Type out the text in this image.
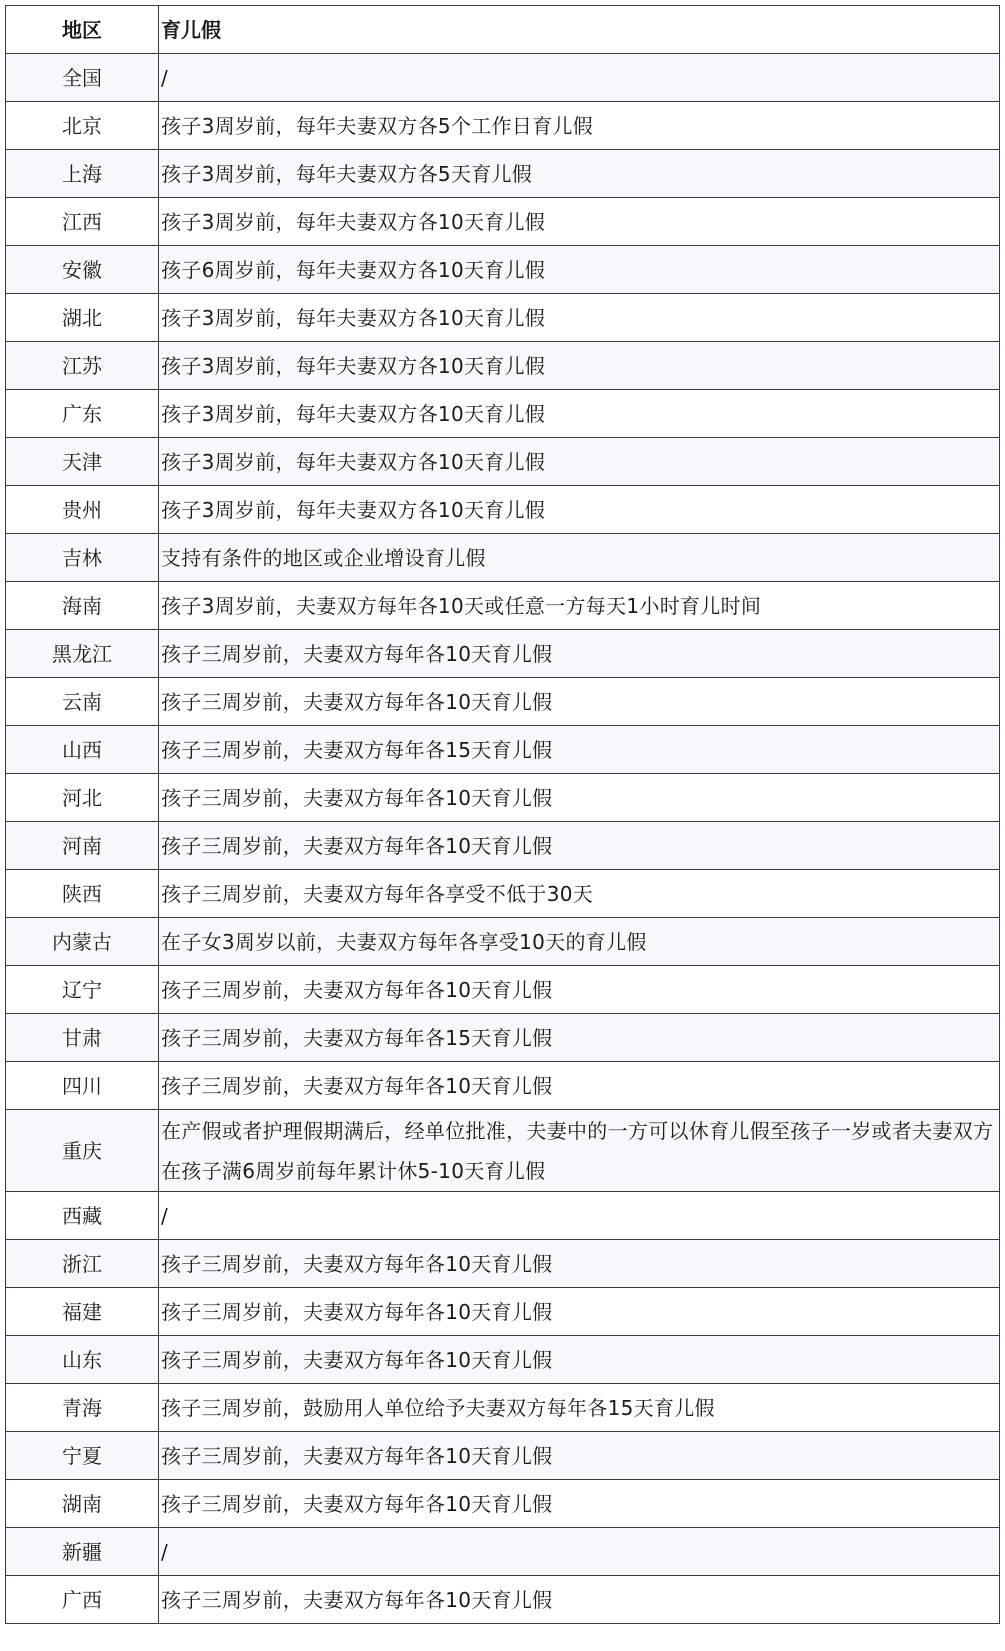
地区	育儿假
全国	/
北京	孩子3周岁前，每年夫妻双方各5个工作日育儿假
上海	孩子3周岁前，每年夫妻双方各5天育儿假
江西	孩子3周岁前，每年夫妻双方各10天育儿假
安徽	孩子6周岁前，每年夫妻双方各10天育儿假
湖北	孩子3周岁前，每年夫妻双方各10天育儿假
江苏	孩子3周岁前，每年夫妻双方各10天育儿假
广东	孩子3周岁前，每年夫妻双方各10天育儿假
天津	孩子3周岁前，每年夫妻双方各10天育儿假
贵州	孩子3周岁前，每年夫妻双方各10天育儿假
吉林	支持有条件的地区或企业增设育儿假
海南	孩子3周岁前，夫妻双方每年各10天或任意一方每天1小时育儿时间
黑龙江	孩子三周岁前，夫妻双方每年各10天育儿假
云南	孩子三周岁前，夫妻双方每年各10天育儿假
山西	孩子三周岁前，夫妻双方每年各15天育儿假
河北	孩子三周岁前，夫妻双方每年各10天育儿假
河南	孩子三周岁前，夫妻双方每年各10天育儿假
陕西	孩子三周岁前，夫妻双方每年各享受不低于30天
内蒙古	在子女3周岁以前，夫妻双方每年各享受10天的育儿假
辽宁	孩子三周岁前，夫妻双方每年各10天育儿假
甘肃	孩子三周岁前，夫妻双方每年各15天育儿假
四川	孩子三周岁前，夫妻双方每年各10天育儿假
重庆	在产假或者护理假期满后，经单位批准，夫妻中的一方可以休育儿假至孩子一岁或者夫妻双方在孩子满6周岁前每年累计休5-10天育儿假
西藏	/
浙江	孩子三周岁前，夫妻双方每年各10天育儿假
福建	孩子三周岁前，夫妻双方每年各10天育儿假
山东	孩子三周岁前，夫妻双方每年各10天育儿假
青海	孩子三周岁前，鼓励用人单位给予夫妻双方每年各15天育儿假
宁夏	孩子三周岁前，夫妻双方每年各10天育儿假
湖南	孩子三周岁前，夫妻双方每年各10天育儿假
新疆	/
广西	孩子三周岁前，夫妻双方每年各10天育儿假
